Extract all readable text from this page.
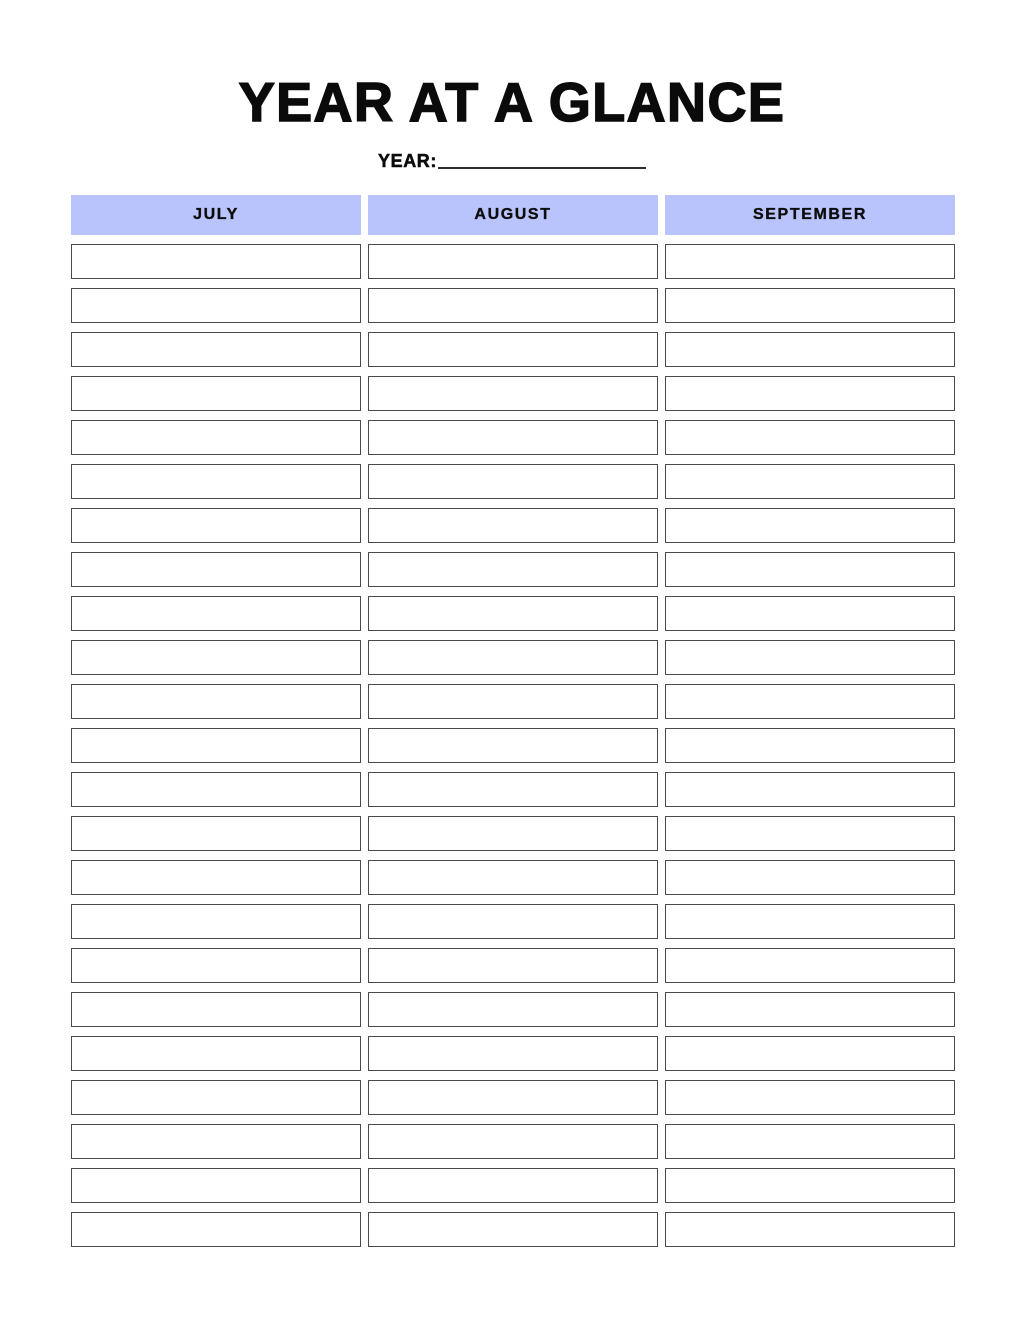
YEAR AT A GLANCE
YEAR:
JULY	AUGUST	SEPTEMBER
